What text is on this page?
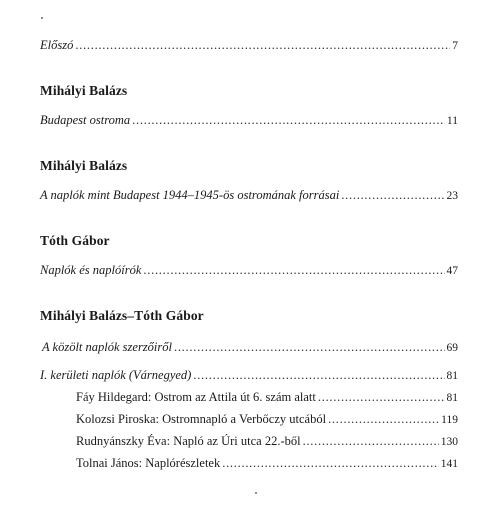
Előszó . . .	7
Mihályi Balázs
Budapest ostroma . . .	11
Mihályi Balázs
A naplók mint Budapest 1944–1945-ös ostromának forrásai . . .	23
Tóth Gábor
Naplók és naplóírók . . .	47
Mihályi Balázs–Tóth Gábor
A közölt naplók szerzőiről . . .	69
I. kerületi naplók (Várnegyed) . . .	81
Fáy Hildegard: Ostrom az Attila út 6. szám alatt . . .	81
Kolozsi Piroska: Ostromnapló a Verbőczy utcából . . .	119
Rudnyánszky Éva: Napló az Úri utca 22.-ből . . .	130
Tolnai János: Naplórészletek . . .	141
